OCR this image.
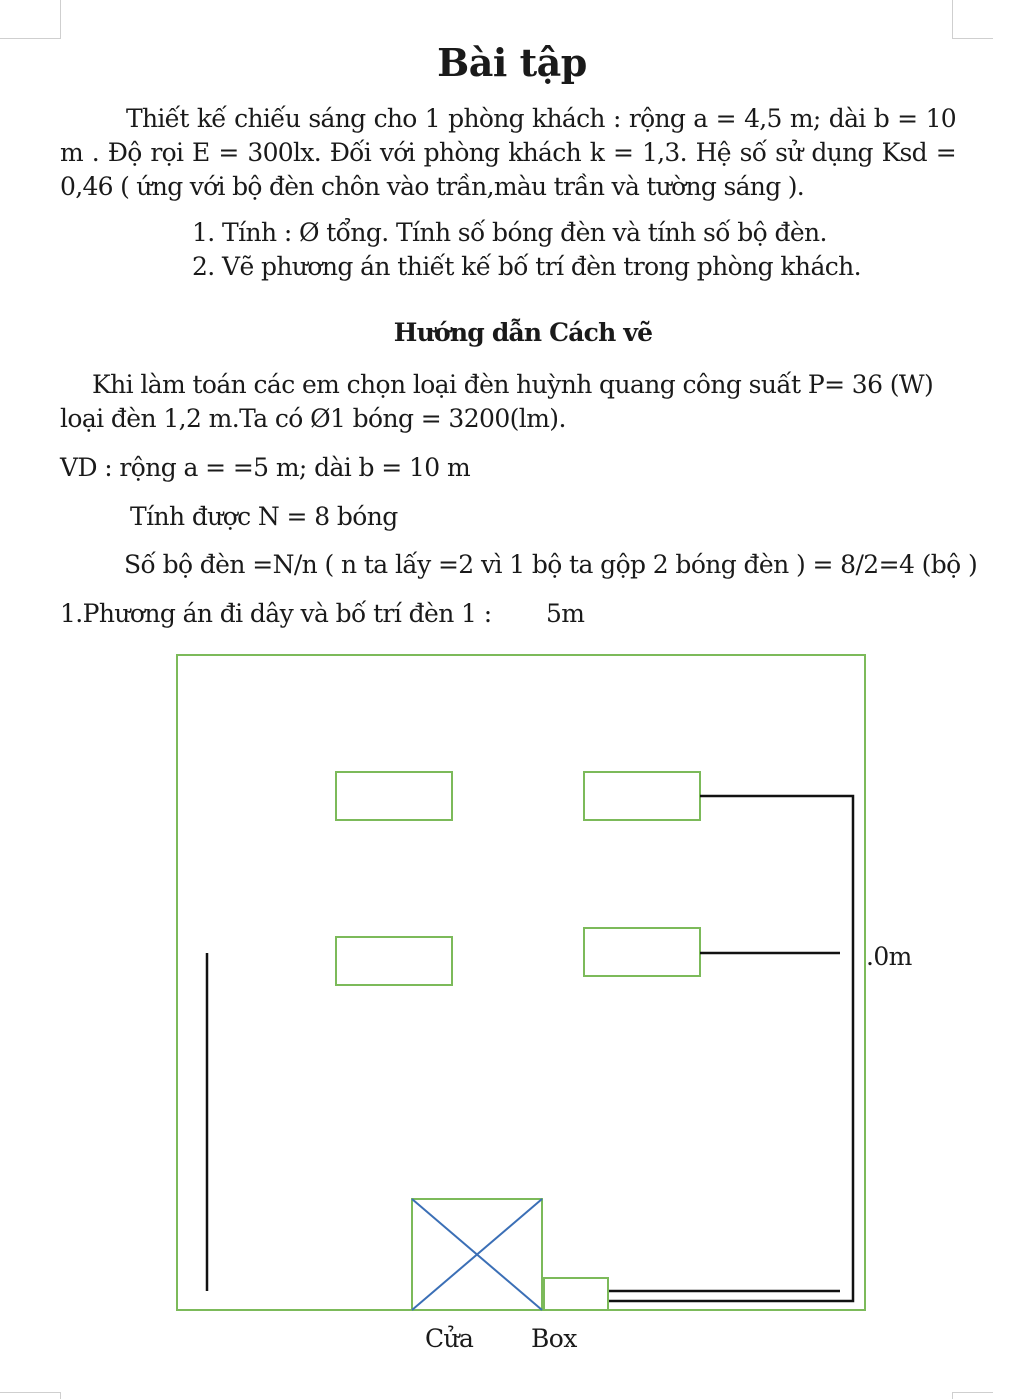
Bài tập
Thiết kế chiếu sáng cho 1 phòng khách : rộng a = 4,5 m; dài b = 10 m . Độ rọi E = 300lx. Đối với phòng khách k = 1,3. Hệ số sử dụng Ksd = 0,46 ( ứng với bộ đèn chôn vào trần,màu trần và tường sáng ).
1. Tính : Ø tổng. Tính số bóng đèn và tính số bộ đèn.
2. Vẽ phương án thiết kế bố trí đèn trong phòng khách.
Hướng dẫn Cách vẽ
Khi làm toán các em chọn loại đèn huỳnh quang công suất P= 36 (W)
loại đèn 1,2 m.Ta có Ø1 bóng = 3200(lm).
VD : rộng a = =5 m; dài b = 10 m
Tính được N = 8 bóng
Số bộ đèn =N/n ( n ta lấy =2 vì 1 bộ ta gộp 2 bóng đèn ) = 8/2=4 (bộ )
1.Phương án đi dây và bố trí đèn 1 : 5m
.0m
Cửa Box
